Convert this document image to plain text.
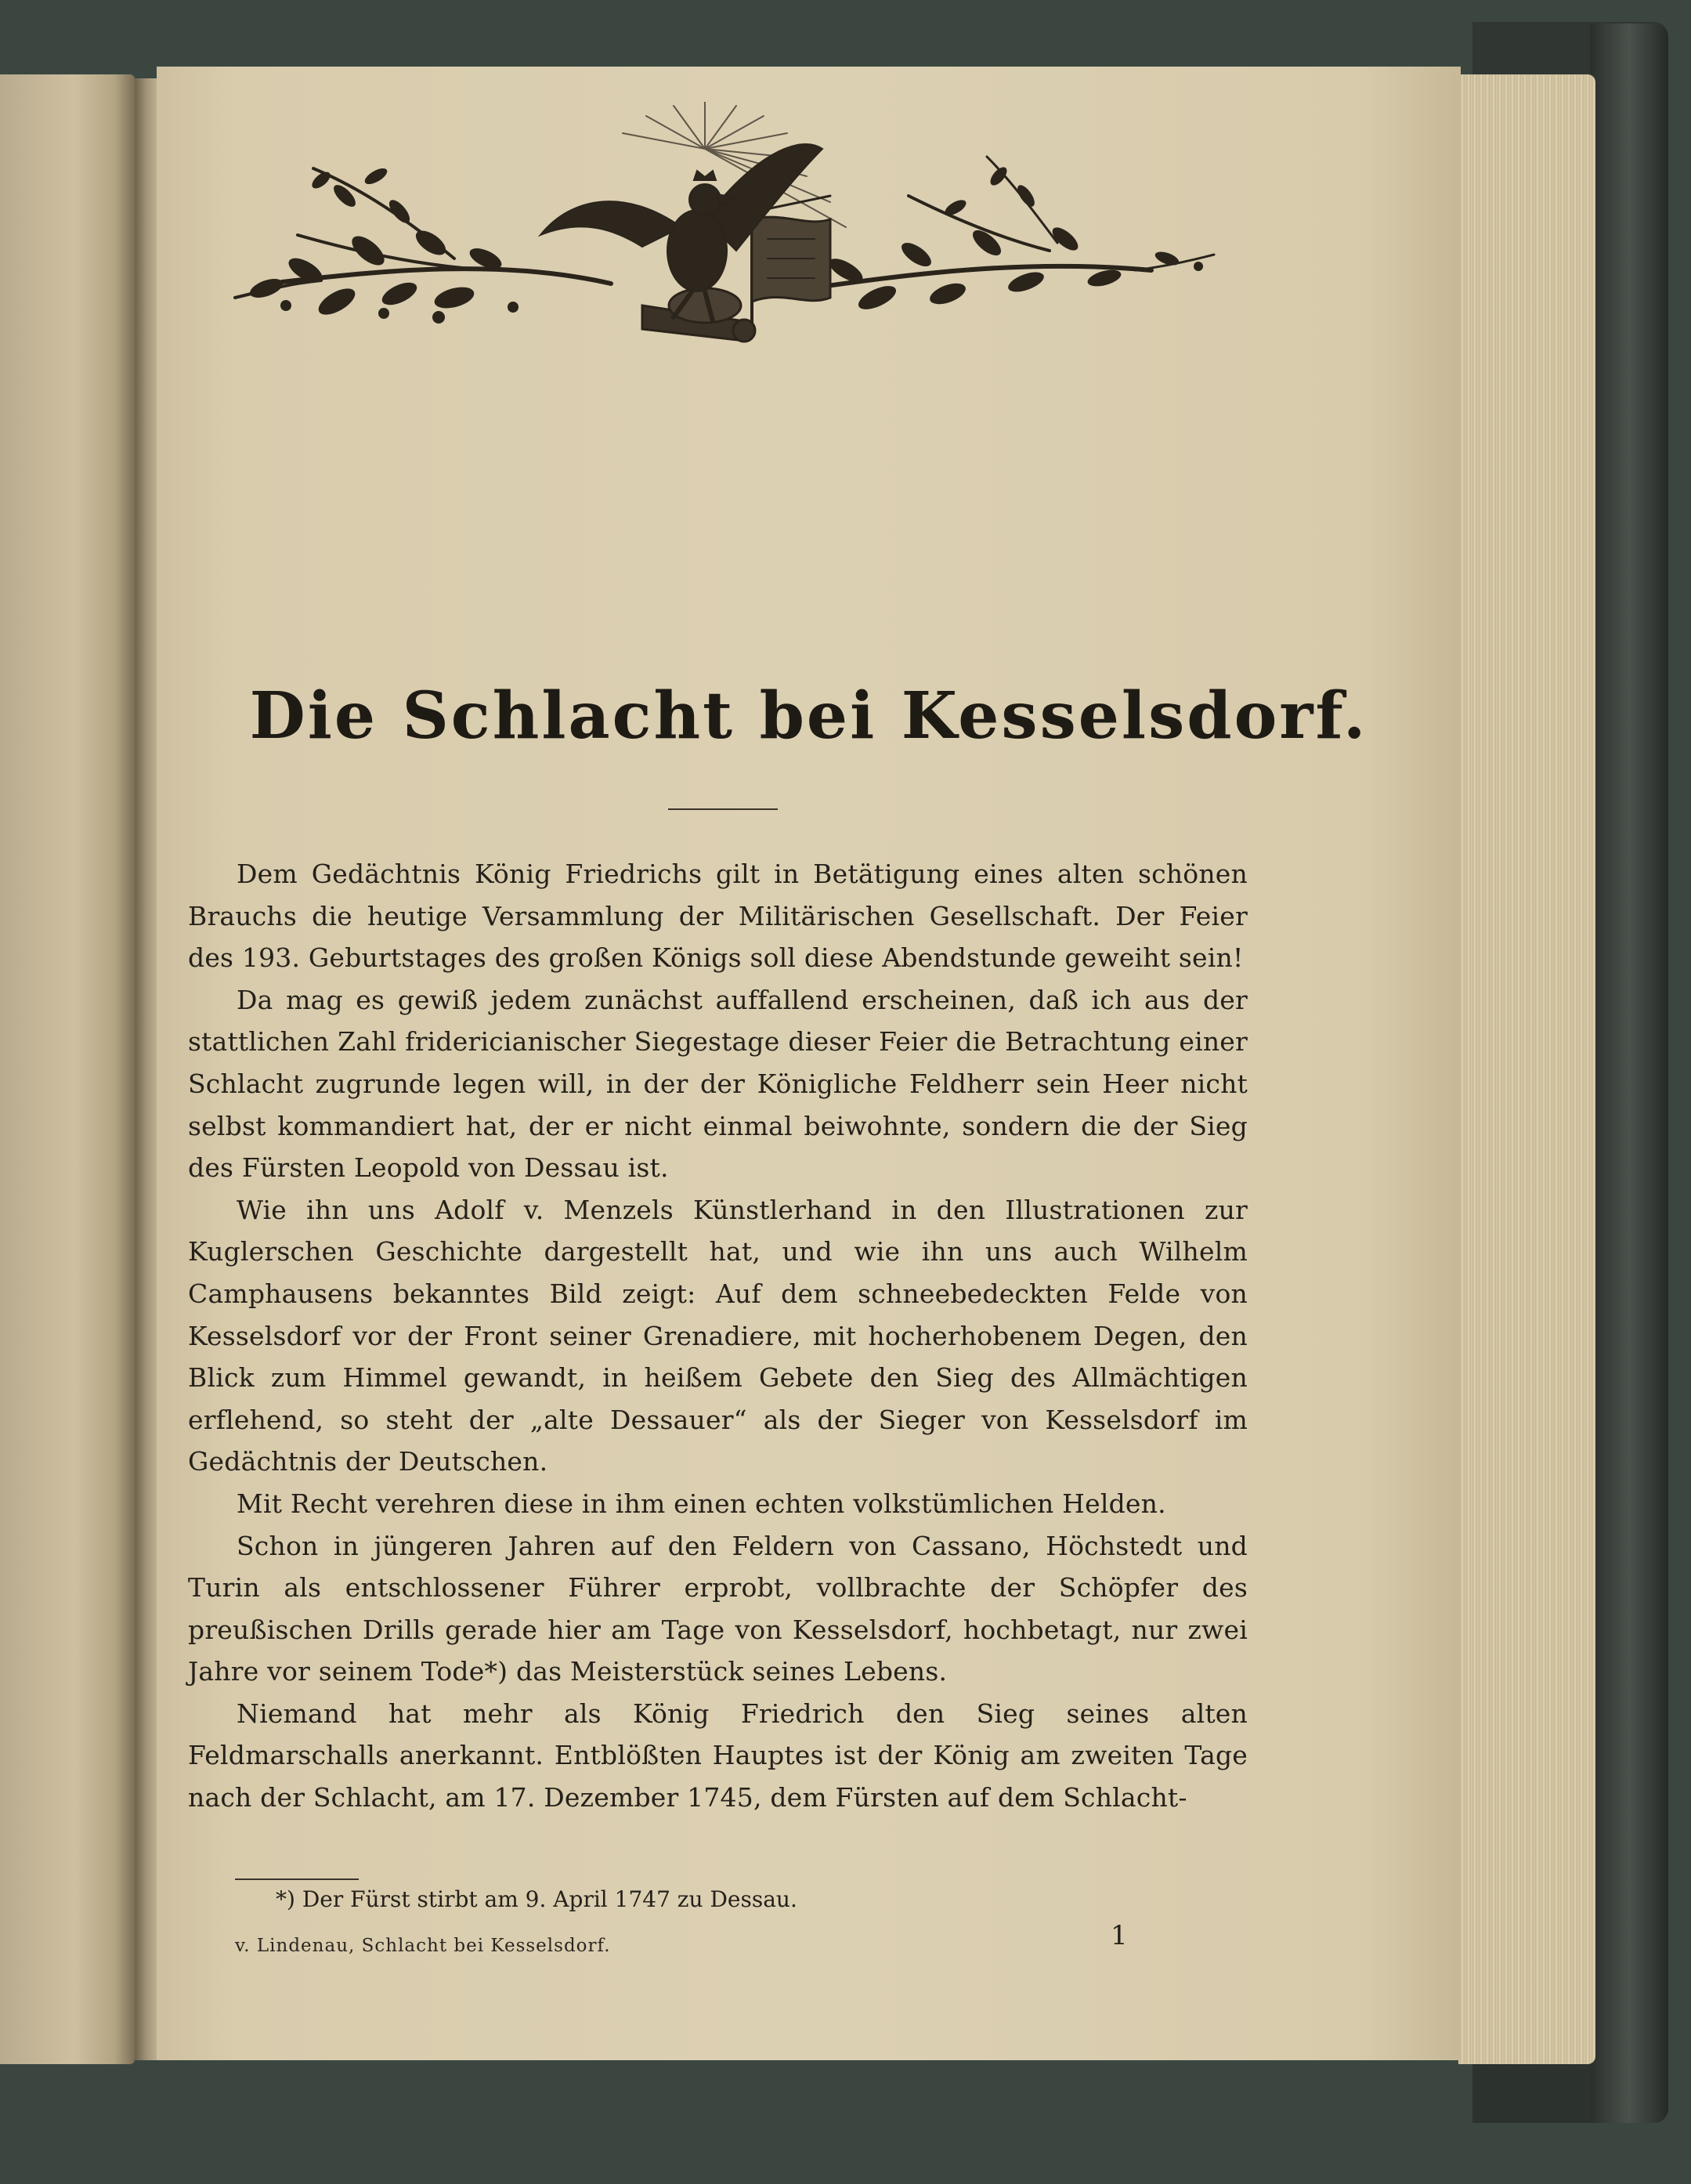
Die Schlacht bei Kesselsdorf.

Dem Gedächtnis König Friedrichs gilt in Betätigung eines alten schönen Brauchs die heutige Versammlung der Militärischen Gesellschaft. Der Feier des 193. Geburtstages des großen Königs soll diese Abendstunde geweiht sein!

Da mag es gewiß jedem zunächst auffallend erscheinen, daß ich aus der stattlichen Zahl fridericianischer Siegestage dieser Feier die Betrachtung einer Schlacht zugrunde legen will, in der der Königliche Feldherr sein Heer nicht selbst kommandiert hat, der er nicht einmal beiwohnte, sondern die der Sieg des Fürsten Leopold von Dessau ist.

Wie ihn uns Adolf v. Menzels Künstlerhand in den Illustrationen zur Kuglerschen Geschichte dargestellt hat, und wie ihn uns auch Wilhelm Camphausens bekanntes Bild zeigt: Auf dem schneebedeckten Felde von Kesselsdorf vor der Front seiner Grenadiere, mit hocherhobenem Degen, den Blick zum Himmel gewandt, in heißem Gebete den Sieg des Allmächtigen erflehend, so steht der „alte Dessauer“ als der Sieger von Kesselsdorf im Gedächtnis der Deutschen.

Mit Recht verehren diese in ihm einen echten volkstümlichen Helden.

Schon in jüngeren Jahren auf den Feldern von Cassano, Höchstedt und Turin als entschlossener Führer erprobt, vollbrachte der Schöpfer des preußischen Drills gerade hier am Tage von Kesselsdorf, hochbetagt, nur zwei Jahre vor seinem Tode*) das Meisterstück seines Lebens.

Niemand hat mehr als König Friedrich den Sieg seines alten Feldmarschalls anerkannt. Entblößten Hauptes ist der König am zweiten Tage nach der Schlacht, am 17. Dezember 1745, dem Fürsten auf dem Schlacht-

*) Der Fürst stirbt am 9. April 1747 zu Dessau.

v. Lindenau, Schlacht bei Kesselsdorf.	1
